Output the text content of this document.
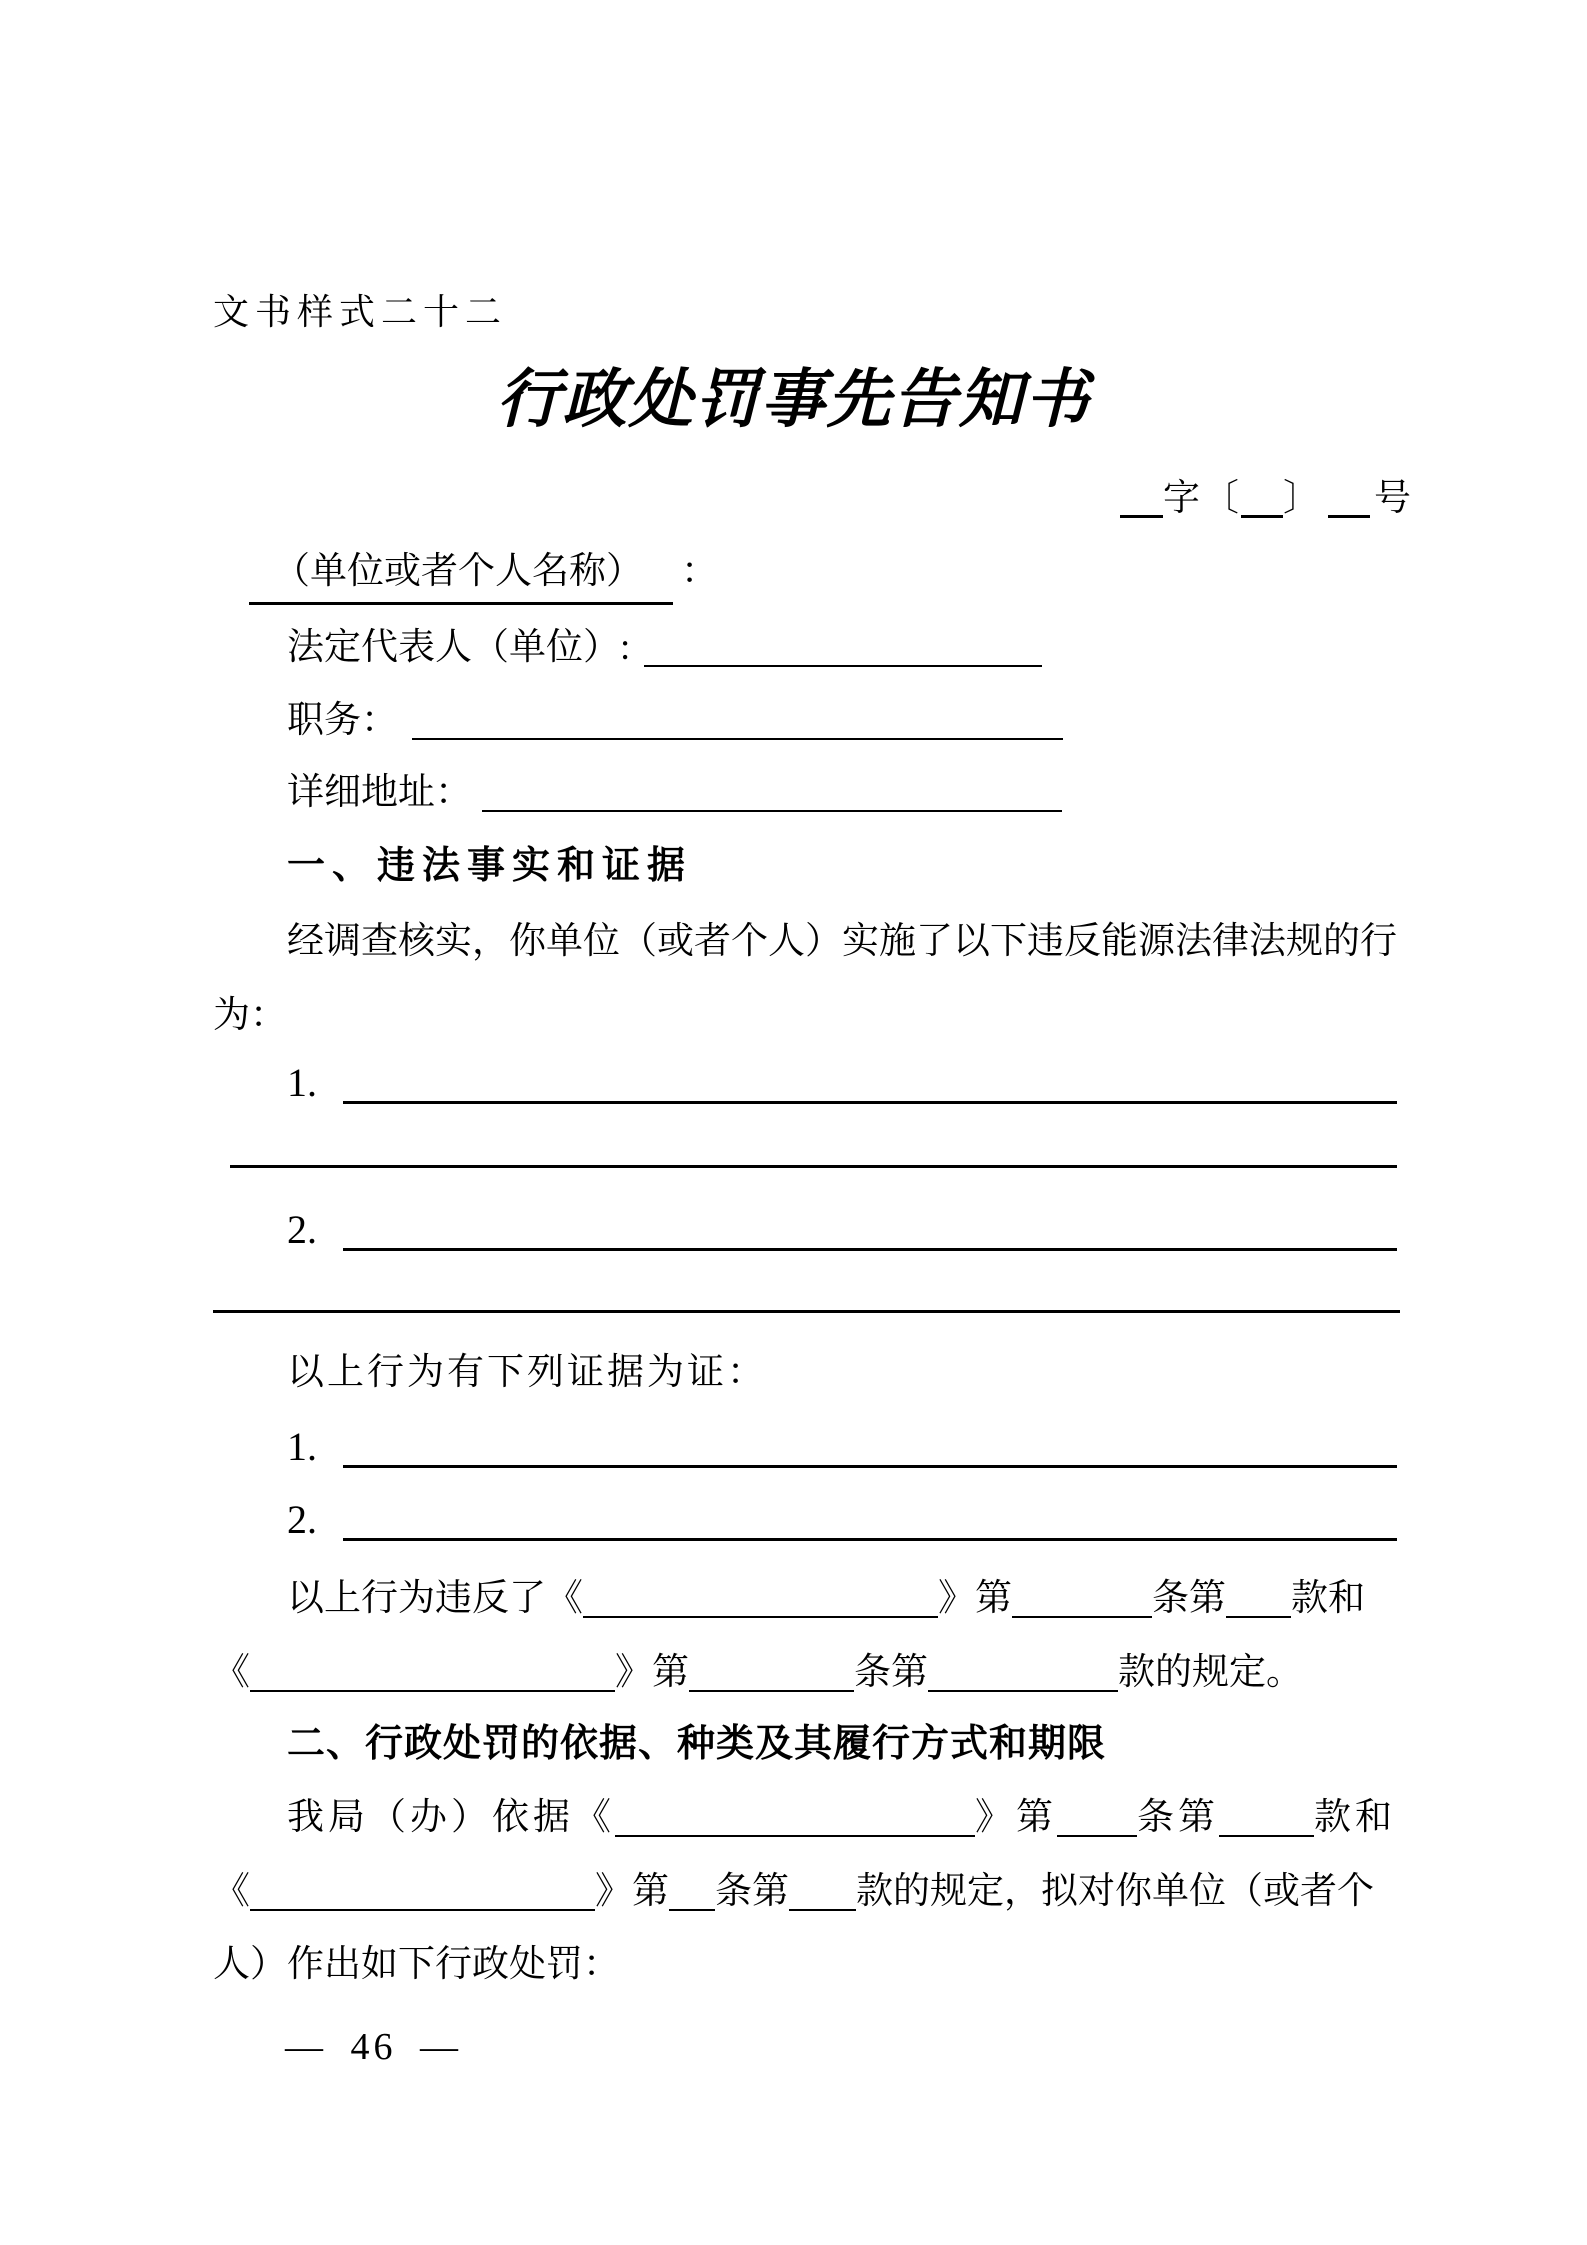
文书样式二十二
行政处罚事先告知书
字〔 〕 号
（单位或者个人名称） ：
法定代表人（单位）:
职务：
详细地址：
一、违法事实和证据
经调查核实，你单位（或者个人）实施了以下违反能源法律法规的行
为：
1.
2.
以上行为有下列证据为证：
1.
2.
以上行为违反了《	》第	条第 款和
《	》第	条第	款的规定。
二、行政处罚的依据、种类及其履行方式和期限
我局（办）依据《	》第 条第	款和
《	》第 条第 款的规定，拟对你单位（或者个
人）作出如下行政处罚：
— 46 —
